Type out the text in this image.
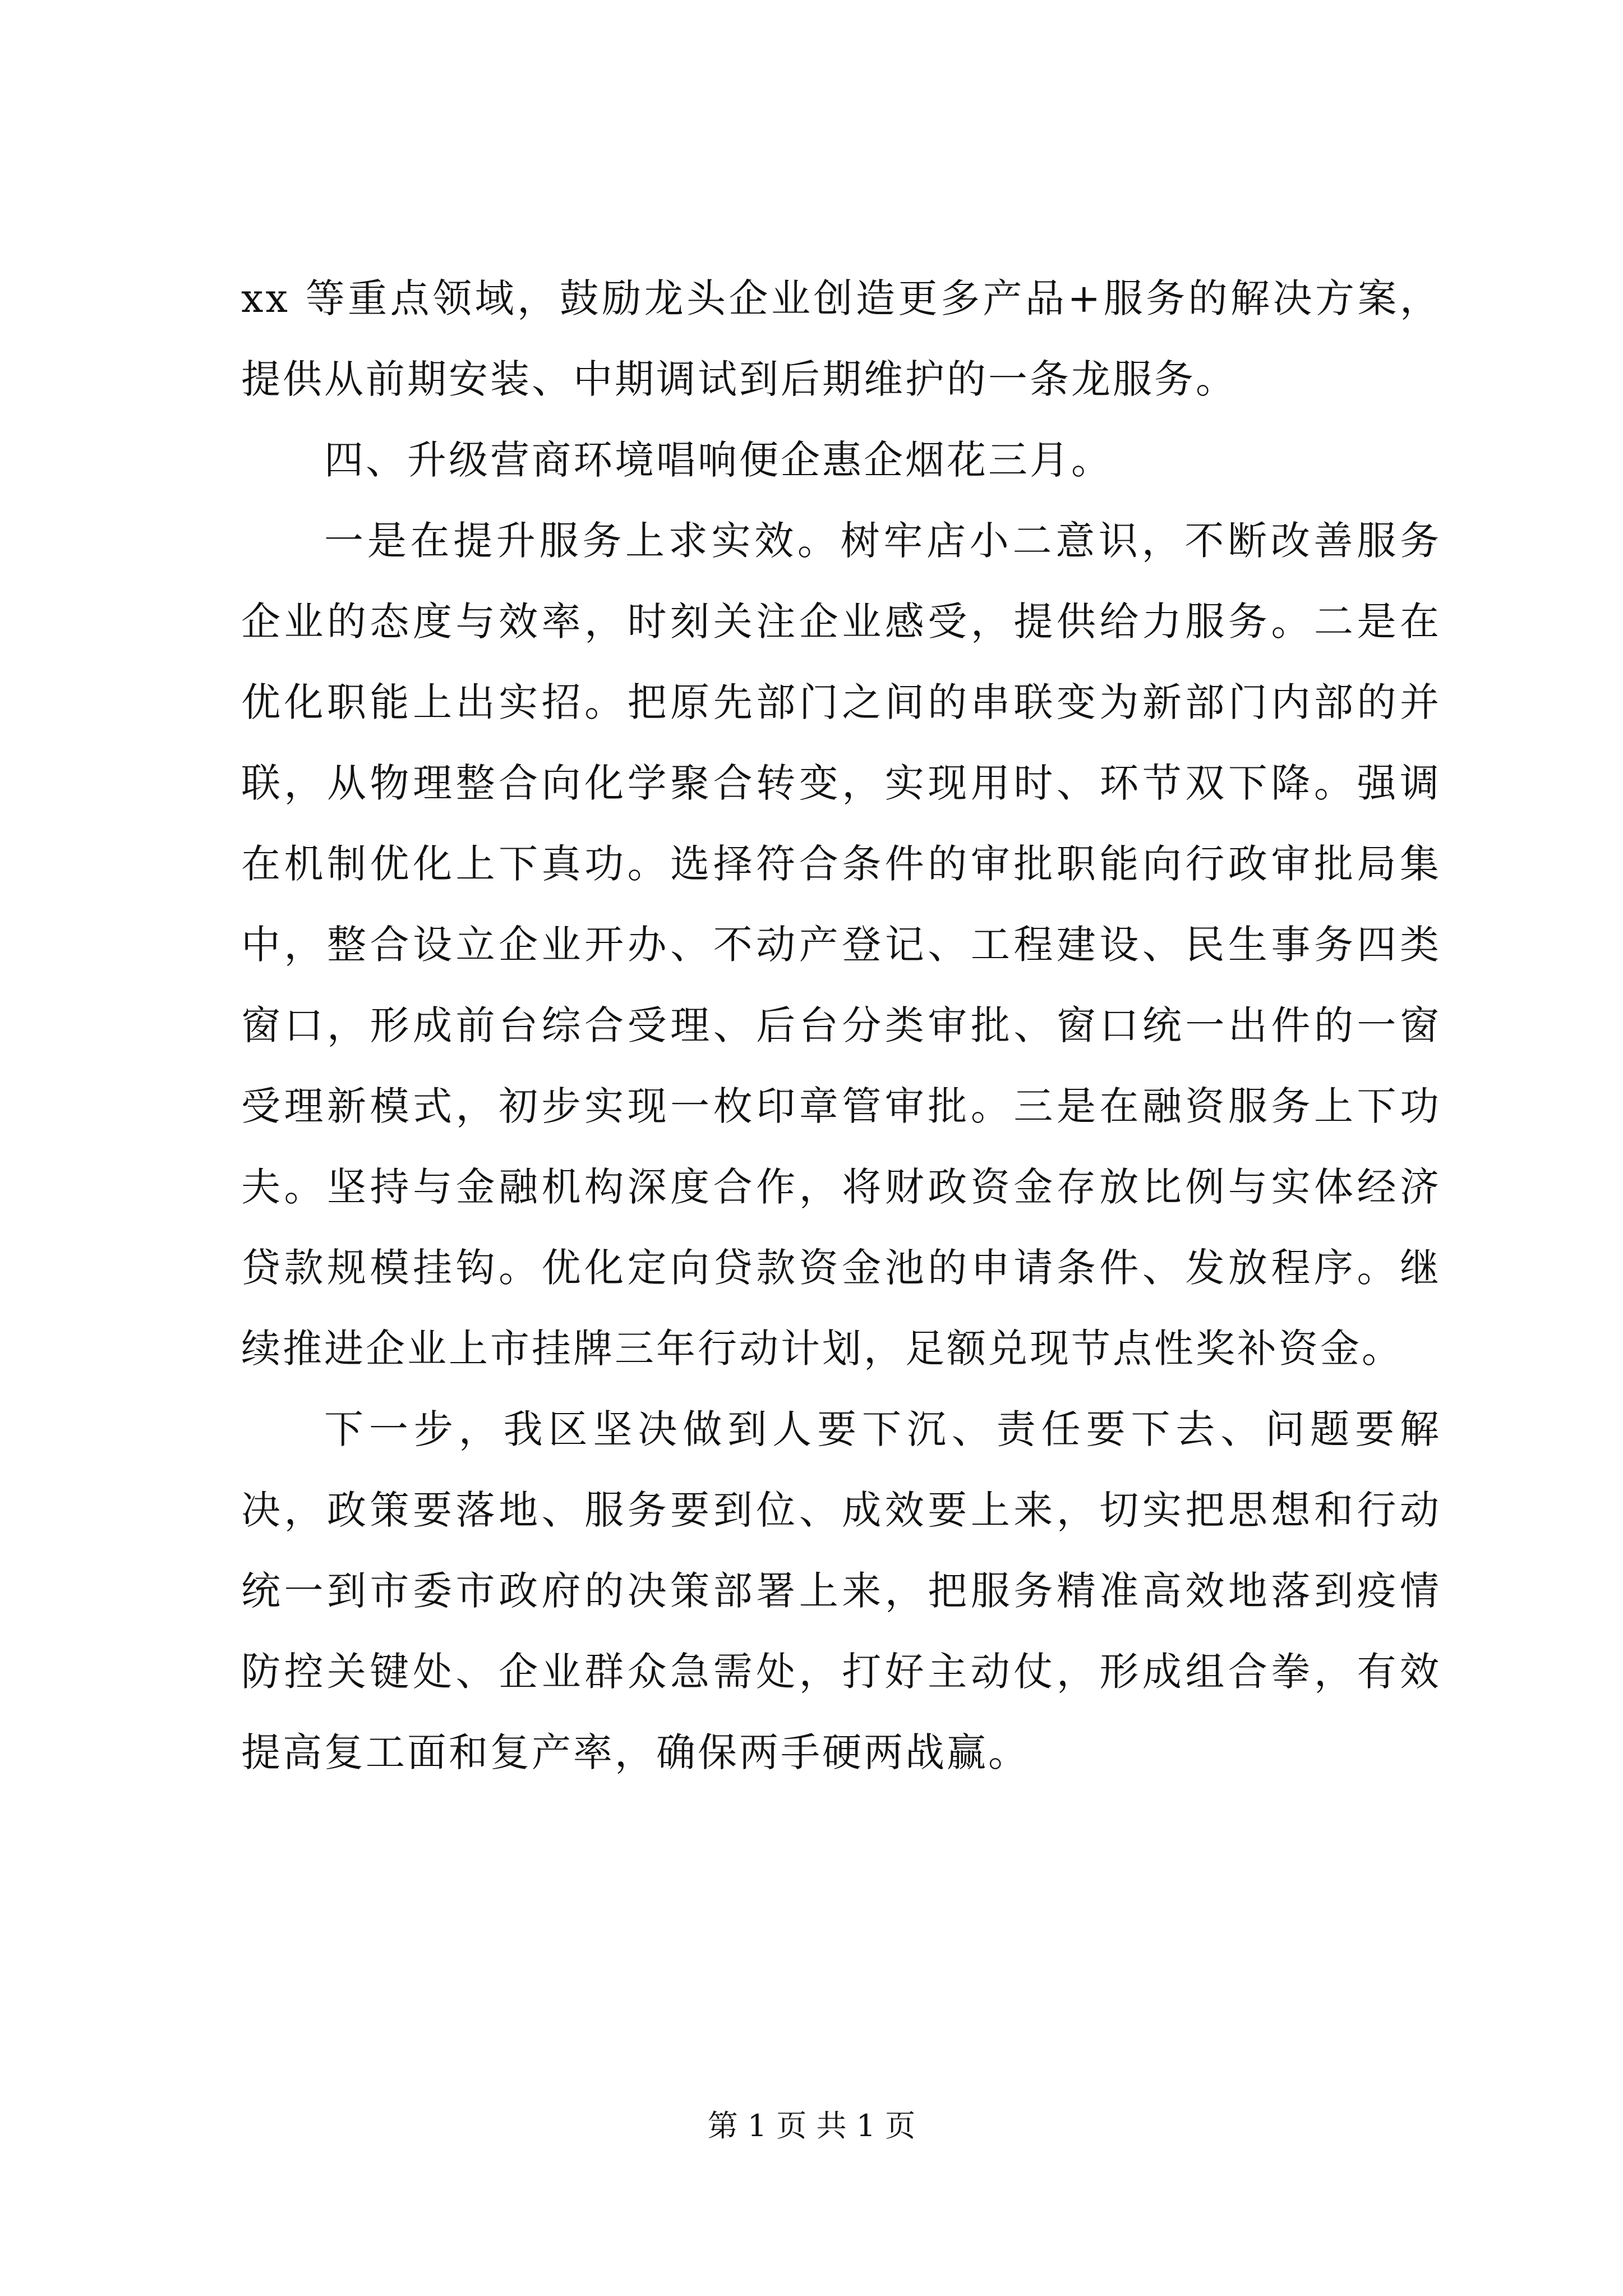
xx 等重点领域，鼓励龙头企业创造更多产品+服务的解决方案，提供从前期安装、中期调试到后期维护的一条龙服务。

四、升级营商环境唱响便企惠企烟花三月。

一是在提升服务上求实效。树牢店小二意识，不断改善服务企业的态度与效率，时刻关注企业感受，提供给力服务。二是在优化职能上出实招。把原先部门之间的串联变为新部门内部的并联，从物理整合向化学聚合转变，实现用时、环节双下降。强调在机制优化上下真功。选择符合条件的审批职能向行政审批局集中，整合设立企业开办、不动产登记、工程建设、民生事务四类窗口，形成前台综合受理、后台分类审批、窗口统一出件的一窗受理新模式，初步实现一枚印章管审批。三是在融资服务上下功夫。坚持与金融机构深度合作，将财政资金存放比例与实体经济贷款规模挂钩。优化定向贷款资金池的申请条件、发放程序。继续推进企业上市挂牌三年行动计划，足额兑现节点性奖补资金。

下一步，我区坚决做到人要下沉、责任要下去、问题要解决，政策要落地、服务要到位、成效要上来，切实把思想和行动统一到市委市政府的决策部署上来，把服务精准高效地落到疫情防控关键处、企业群众急需处，打好主动仗，形成组合拳，有效提高复工面和复产率，确保两手硬两战赢。

第 1 页 共 1 页
